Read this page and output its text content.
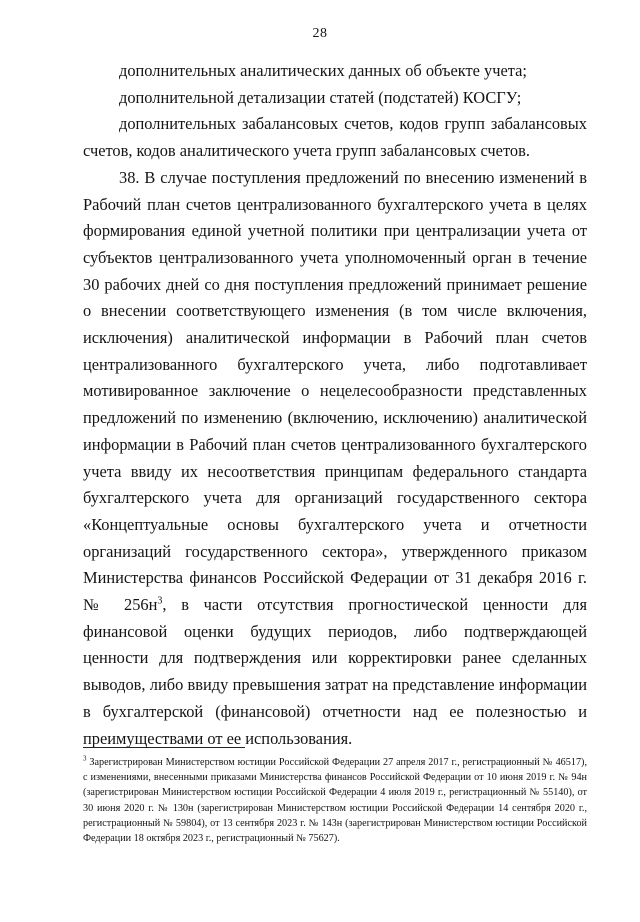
28

дополнительных аналитических данных об объекте учета;

дополнительной детализации статей (подстатей) КОСГУ;

дополнительных забалансовых счетов, кодов групп забалансовых счетов, кодов аналитического учета групп забалансовых счетов.

38. В случае поступления предложений по внесению изменений в Рабочий план счетов централизованного бухгалтерского учета в целях формирования единой учетной политики при централизации учета от субъектов централизованного учета уполномоченный орган в течение 30 рабочих дней со дня поступления предложений принимает решение о внесении соответствующего изменения (в том числе включения, исключения) аналитической информации в Рабочий план счетов централизованного бухгалтерского учета, либо подготавливает мотивированное заключение о нецелесообразности представленных предложений по изменению (включению, исключению) аналитической информации в Рабочий план счетов централизованного бухгалтерского учета ввиду их несоответствия принципам федерального стандарта бухгалтерского учета для организаций государственного сектора «Концептуальные основы бухгалтерского учета и отчетности организаций государственного сектора», утвержденного приказом Министерства финансов Российской Федерации от 31 декабря 2016 г. № $256н^3$, в части отсутствия прогностической ценности для финансовой оценки будущих периодов, либо подтверждающей ценности для подтверждения или корректировки ранее сделанных выводов, либо ввиду превышения затрат на представление информации в бухгалтерской (финансовой) отчетности над ее полезностью и преимуществами от ее использования.

$^3$ Зарегистрирован Министерством юстиции Российской Федерации 27 апреля 2017 г., регистрационный № 46517), с изменениями, внесенными приказами Министерства финансов Российской Федерации от 10 июня 2019 г. № 94н (зарегистрирован Министерством юстиции Российской Федерации 4 июля 2019 г., регистрационный № 55140), от 30 июня 2020 г. № 130н (зарегистрирован Министерством юстиции Российской Федерации 14 сентября 2020 г., регистрационный № 59804), от 13 сентября 2023 г. № 143н (зарегистрирован Министерством юстиции Российской Федерации 18 октября 2023 г., регистрационный № 75627).
